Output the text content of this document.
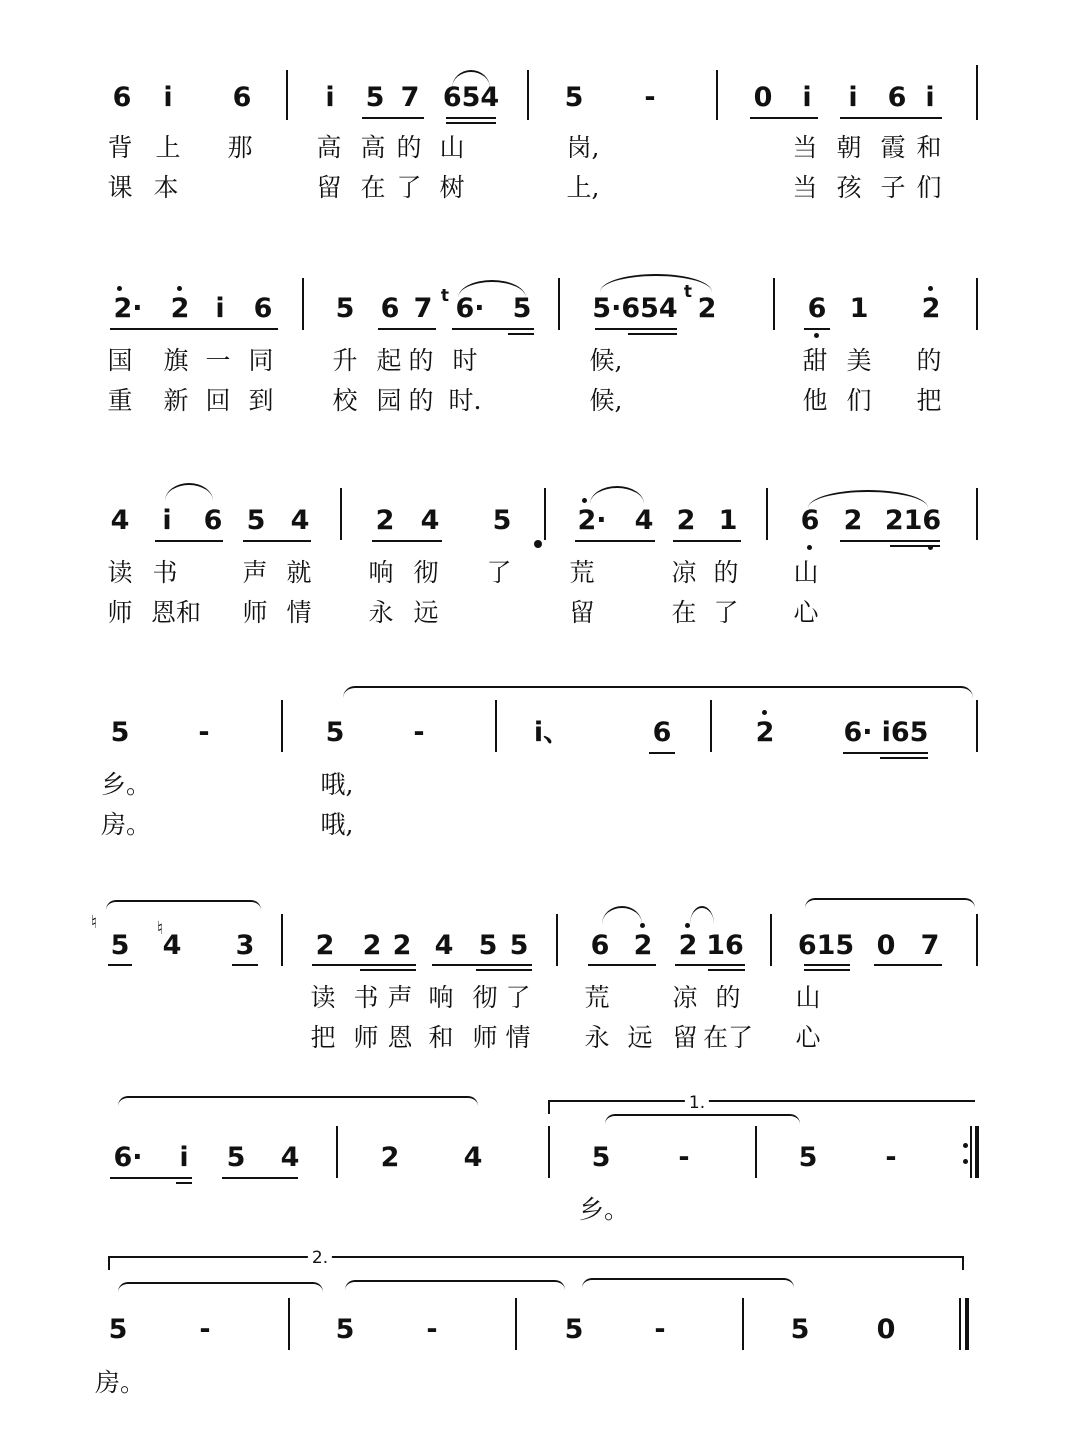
6 i 6	i 5 7 654 5 -	0 i i 6 i
背 上 那	高 高 的 山	岗,	当 朝 霞 和
课 本	留 在 了 树	上,	当 孩 子 们
2· 2 i 6 5 6 7 t 6· 5 5·654
t
2	6 1 2
国 旗 一 同 升 起 的 时	候,	甜 美 的
重 新 回 到 校 园 的 时.	候,	他 们 把
4 i 6 5 4 2 4 5 2· 4 2 1 6 2 216
读 书	声 就 响 彻 了 荒	凉 的 山
师 恩和 师 情 永 远	留	在 了 心
5	-	5	-	i、	6	2	6· i65
乡。	哦,
房。	哦,
♮
5
♮
4 3 2 2 2 4 5 5 6 2 2 16 615 0 7
读 书 声 响 彻 了 荒	凉 的 山
把 师 恩 和 师 情 永 远 留 在了 心
1.
6· i 5 4	2 4	5	-	5	-
乡。
2.
5	-	5	-	5	-	5 0
房。
